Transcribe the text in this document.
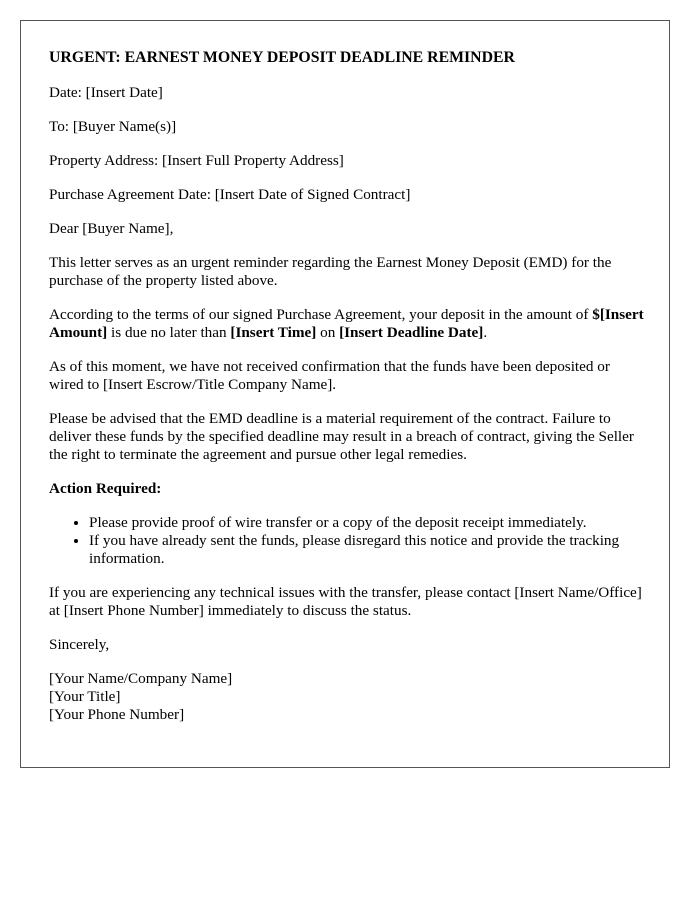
URGENT: EARNEST MONEY DEPOSIT DEADLINE REMINDER

Date: [Insert Date]

To: [Buyer Name(s)]

Property Address: [Insert Full Property Address]

Purchase Agreement Date: [Insert Date of Signed Contract]

Dear [Buyer Name],

This letter serves as an urgent reminder regarding the Earnest Money Deposit (EMD) for the purchase of the property listed above.

According to the terms of our signed Purchase Agreement, your deposit in the amount of $[Insert Amount] is due no later than [Insert Time] on [Insert Deadline Date].

As of this moment, we have not received confirmation that the funds have been deposited or wired to [Insert Escrow/Title Company Name].

Please be advised that the EMD deadline is a material requirement of the contract. Failure to deliver these funds by the specified deadline may result in a breach of contract, giving the Seller the right to terminate the agreement and pursue other legal remedies.

Action Required:
• Please provide proof of wire transfer or a copy of the deposit receipt immediately.
• If you have already sent the funds, please disregard this notice and provide the tracking information.

If you are experiencing any technical issues with the transfer, please contact [Insert Name/Office] at [Insert Phone Number] immediately to discuss the status.

Sincerely,

[Your Name/Company Name]
[Your Title]
[Your Phone Number]
